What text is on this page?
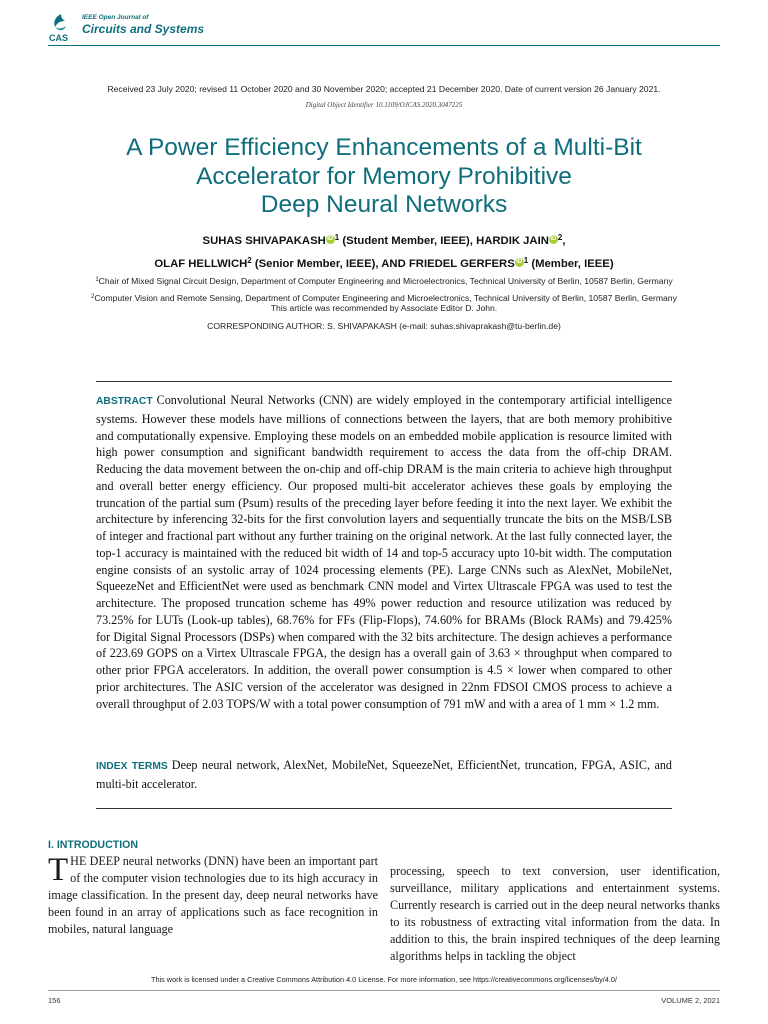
CAS
IEEE Open Journal of
Circuits and Systems
Received 23 July 2020; revised 11 October 2020 and 30 November 2020; accepted 21 December 2020. Date of current version 26 January 2021.
Digital Object Identifier 10.1109/OJCAS.2020.3047225
A Power Efficiency Enhancements of a Multi-Bit
Accelerator for Memory Prohibitive
Deep Neural Networks
SUHAS SHIVAPAKASH iD $^1$ (Student Member, IEEE), HARDIK JAIN iD $^2$,
OLAF HELLWICH$^2$ (Senior Member, IEEE), AND FRIEDEL GERFERS iD $^1$ (Member, IEEE)
$^1$Chair of Mixed Signal Circuit Design, Department of Computer Engineering and Microelectronics, Technical University of Berlin, 10587 Berlin, Germany
$^2$Computer Vision and Remote Sensing, Department of Computer Engineering and Microelectronics, Technical University of Berlin, 10587 Berlin, Germany
This article was recommended by Associate Editor D. John.
CORRESPONDING AUTHOR: S. SHIVAPAKASH (e-mail: suhas.shivaprakash@tu-berlin.de)
ABSTRACT Convolutional Neural Networks (CNN) are widely employed in the contemporary artificial intelligence systems. However these models have millions of connections between the layers, that are both memory prohibitive and computationally expensive. Employing these models on an embedded mobile application is resource limited with high power consumption and significant bandwidth requirement to access the data from the off-chip DRAM. Reducing the data movement between the on-chip and off-chip DRAM is the main criteria to achieve high throughput and overall better energy efficiency. Our proposed multi-bit accelerator achieves these goals by employing the truncation of the partial sum (Psum) results of the preceding layer before feeding it into the next layer. We exhibit the architecture by inferencing 32-bits for the first convolution layers and sequentially truncate the bits on the MSB/LSB of integer and fractional part without any further training on the original network. At the last fully connected layer, the top-1 accuracy is maintained with the reduced bit width of 14 and top-5 accuracy upto 10-bit width. The computation engine consists of an systolic array of 1024 processing elements (PE). Large CNNs such as AlexNet, MobileNet, SqueezeNet and EfficientNet were used as benchmark CNN model and Virtex Ultrascale FPGA was used to test the architecture. The proposed truncation scheme has 49% power reduction and resource utilization was reduced by 73.25% for LUTs (Look-up tables), 68.76% for FFs (Flip-Flops), 74.60% for BRAMs (Block RAMs) and 79.425% for Digital Signal Processors (DSPs) when compared with the 32 bits architecture. The design achieves a performance of 223.69 GOPS on a Virtex Ultrascale FPGA, the design has a overall gain of 3.63 × throughput when compared to other prior FPGA accelerators. In addition, the overall power consumption is 4.5 × lower when compared to other prior architectures. The ASIC version of the accelerator was designed in 22nm FDSOI CMOS process to achieve a overall throughput of 2.03 TOPS/W with a total power consumption of 791 mW and with a area of 1 mm × 1.2 mm.
INDEX TERMS Deep neural network, AlexNet, MobileNet, SqueezeNet, EfficientNet, truncation, FPGA, ASIC, and multi-bit accelerator.
I. INTRODUCTION
T HE DEEP neural networks (DNN) have been an important part of the computer vision technologies due to its high accuracy in image classification. In the present day, deep neural networks have been found in an array of applications such as face recognition in mobiles, natural language
processing, speech to text conversion, user identification, surveillance, military applications and entertainment systems. Currently research is carried out in the deep neural networks thanks to its robustness of extracting vital information from the data. In addition to this, the brain inspired techniques of the deep learning algorithms helps in tackling the object
This work is licensed under a Creative Commons Attribution 4.0 License. For more information, see https://creativecommons.org/licenses/by/4.0/
156	VOLUME 2, 2021
